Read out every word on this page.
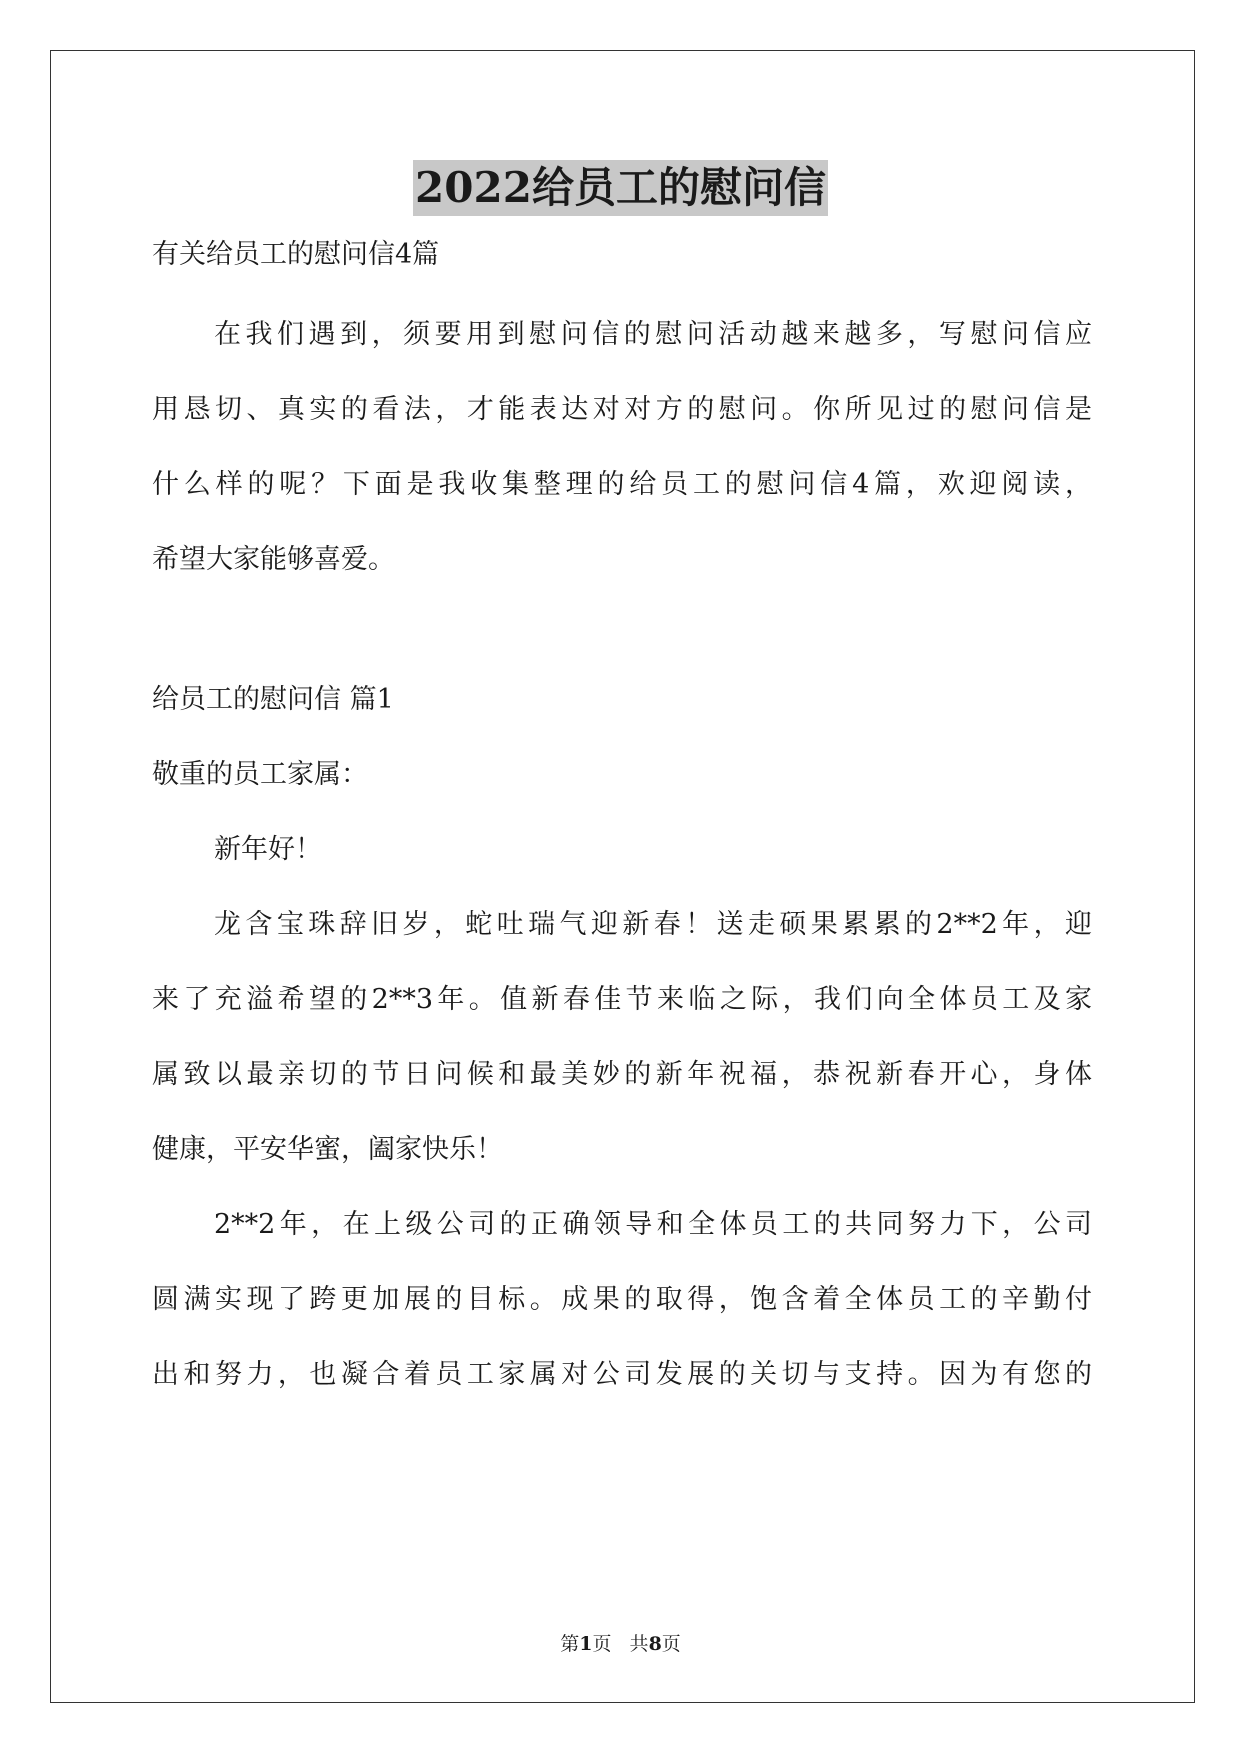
2022给员工的慰问信
有关给员工的慰问信4篇
在我们遇到，须要用到慰问信的慰问活动越来越多，写慰问信应
用恳切、真实的看法，才能表达对对方的慰问。你所见过的慰问信是
什么样的呢？下面是我收集整理的给员工的慰问信4篇，欢迎阅读，
希望大家能够喜爱。
给员工的慰问信 篇1
敬重的员工家属：
新年好！
龙含宝珠辞旧岁，蛇吐瑞气迎新春！送走硕果累累的2**2年，迎
来了充溢希望的2**3年。值新春佳节来临之际，我们向全体员工及家
属致以最亲切的节日问候和最美妙的新年祝福，恭祝新春开心，身体
健康，平安华蜜，阖家快乐！
2**2年，在上级公司的正确领导和全体员工的共同努力下，公司
圆满实现了跨更加展的目标。成果的取得，饱含着全体员工的辛勤付
出和努力，也凝合着员工家属对公司发展的关切与支持。因为有您的
第1页   共8页
